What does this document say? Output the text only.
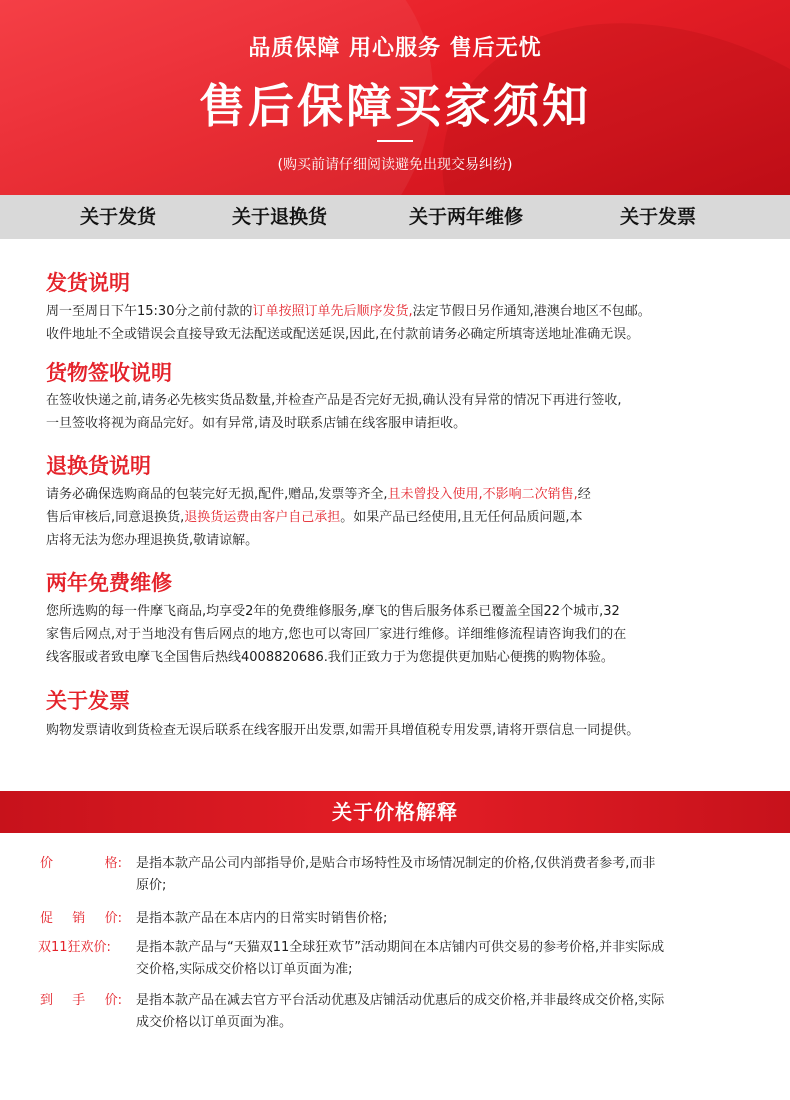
品质保障 用心服务 售后无忧
售后保障买家须知
(购买前请仔细阅读避免出现交易纠纷)
关于发货	关于退换货	关于两年维修	关于发票
发货说明
周一至周日下午15:30分之前付款的订单按照订单先后顺序发货,法定节假日另作通知,港澳台地区不包邮。
收件地址不全或错误会直接导致无法配送或配送延误,因此,在付款前请务必确定所填寄送地址准确无误。
货物签收说明
在签收快递之前,请务必先核实货品数量,并检查产品是否完好无损,确认没有异常的情况下再进行签收,
一旦签收将视为商品完好。如有异常,请及时联系店铺在线客服申请拒收。
退换货说明
请务必确保选购商品的包装完好无损,配件,赠品,发票等齐全,且未曾投入使用,不影响二次销售,经
售后审核后,同意退换货,退换货运费由客户自己承担。如果产品已经使用,且无任何品质问题,本
店将无法为您办理退换货,敬请谅解。
两年免费维修
您所选购的每一件摩飞商品,均享受2年的免费维修服务,摩飞的售后服务体系已覆盖全国22个城市,32
家售后网点,对于当地没有售后网点的地方,您也可以寄回厂家进行维修。详细维修流程请咨询我们的在
线客服或者致电摩飞全国售后热线4008820686.我们正致力于为您提供更加贴心便携的购物体验。
关于发票
购物发票请收到货检查无误后联系在线客服开出发票,如需开具增值税专用发票,请将开票信息一同提供。
关于价格解释
价	格: 是指本款产品公司内部指导价,是贴合市场特性及市场情况制定的价格,仅供消费者参考,而非
原价;
促 销 价: 是指本款产品在本店内的日常实时销售价格;
双11狂欢价:	是指本款产品与“天猫双11全球狂欢节”活动期间在本店铺内可供交易的参考价格,并非实际成
交价格,实际成交价格以订单页面为准;
到 手 价: 是指本款产品在减去官方平台活动优惠及店铺活动优惠后的成交价格,并非最终成交价格,实际
成交价格以订单页面为准。
